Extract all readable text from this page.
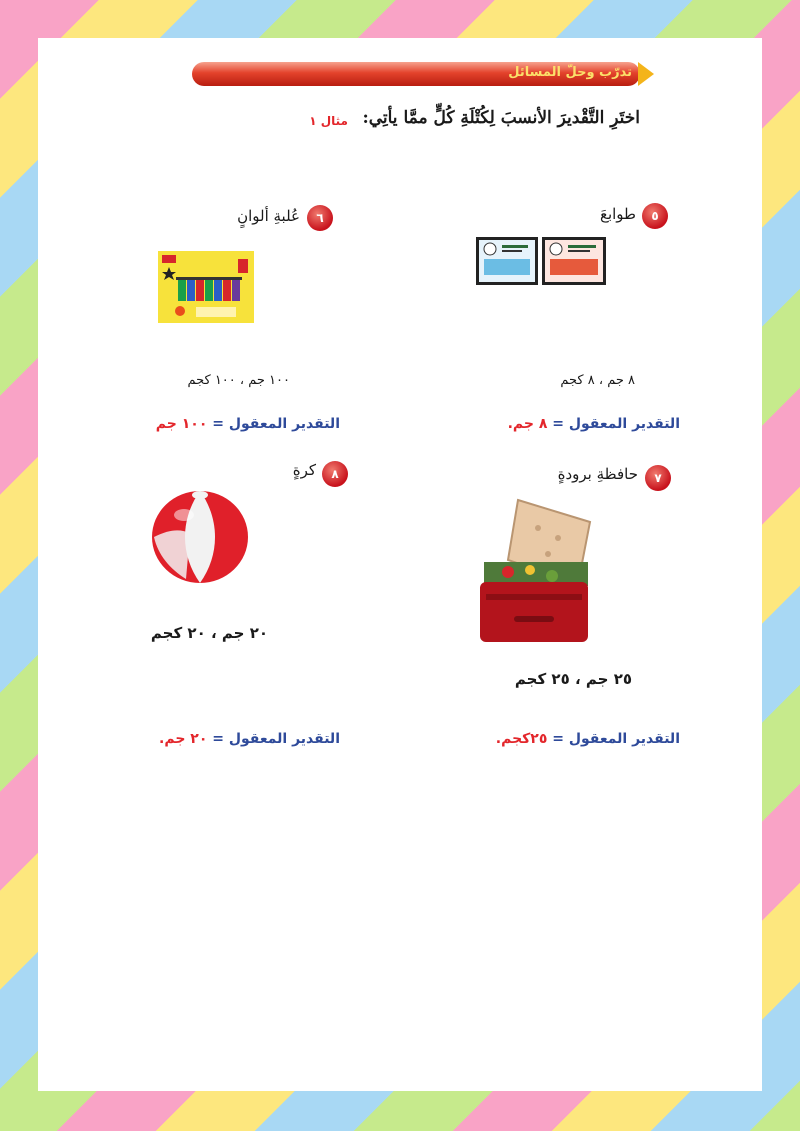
تدرّب وحلّ المسائل
اختَرِ التَّقْديرَ الأنسبَ لِكُتْلَةِ كُلٍّ ممَّا يأتِي:
مثال ١
٥
طوابعَ
٨ جم ، ٨ كجم
التقدير المعقول = ٨ جم.
٦
عُلبةِ ألوانٍ
١٠٠ جم ، ١٠٠ كجم
التقدير المعقول = ١٠٠ جم
٧
حافظةِ برودةٍ
٢٥ جم ، ٢٥ كجم
التقدير المعقول = ٢٥كجم.
٨
كرةٍ
٢٠ جم ، ٢٠ كجم
التقدير المعقول = ٢٠ جم.
